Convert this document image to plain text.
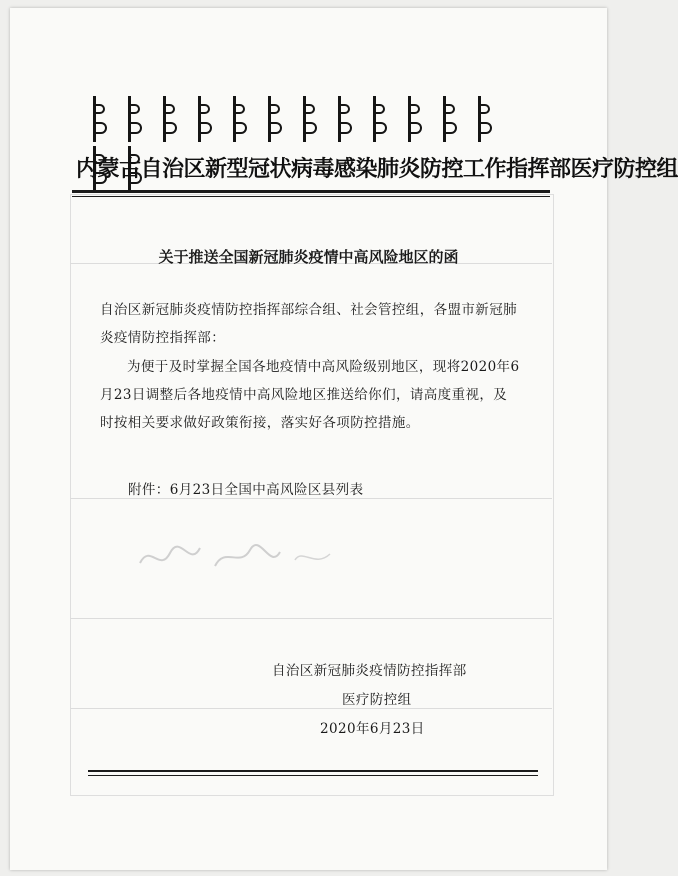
内蒙古自治区新型冠状病毒感染肺炎防控工作指挥部医疗防控组
关于推送全国新冠肺炎疫情中高风险地区的函
自治区新冠肺炎疫情防控指挥部综合组、社会管控组，各盟市新冠肺炎疫情防控指挥部：
为便于及时掌握全国各地疫情中高风险级别地区，现将2020年6月23日调整后各地疫情中高风险地区推送给你们，请高度重视，及时按相关要求做好政策衔接，落实好各项防控措施。
附件：6月23日全国中高风险区县列表
自治区新冠肺炎疫情防控指挥部
医疗防控组
2020年6月23日
